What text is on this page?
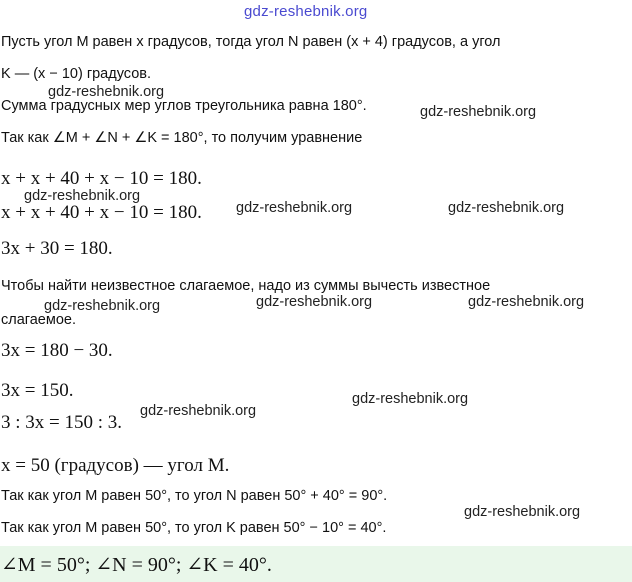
gdz-reshebnik.org
Пусть угол M равен x градусов, тогда угол N равен (x + 4) градусов, а угол
K — (x − 10) градусов.
gdz-reshebnik.org
Сумма градусных мер углов треугольника равна 180°.	gdz-reshebnik.org
Так как ∠M + ∠N + ∠K = 180°, то получим уравнение
x + x + 40 + x − 10 = 180.
gdz-reshebnik.org
x + x + 40 + x − 10 = 180. gdz-reshebnik.org	gdz-reshebnik.org
3x + 30 = 180.
Чтобы найти неизвестное слагаемое, надо из суммы вычесть известное
gdz-reshebnik.org	gdz-reshebnik.org	gdz-reshebnik.org
слагаемое.
3x = 180 − 30.
3x = 150.	gdz-reshebnik.org
gdz-reshebnik.org
3 : 3x = 150 : 3.
x = 50 (градусов) — угол M.
Так как угол M равен 50°, то угол N равен 50° + 40° = 90°.
gdz-reshebnik.org
Так как угол M равен 50°, то угол K равен 50° − 10° = 40°.
∠M = 50°; ∠N = 90°; ∠K = 40°.
